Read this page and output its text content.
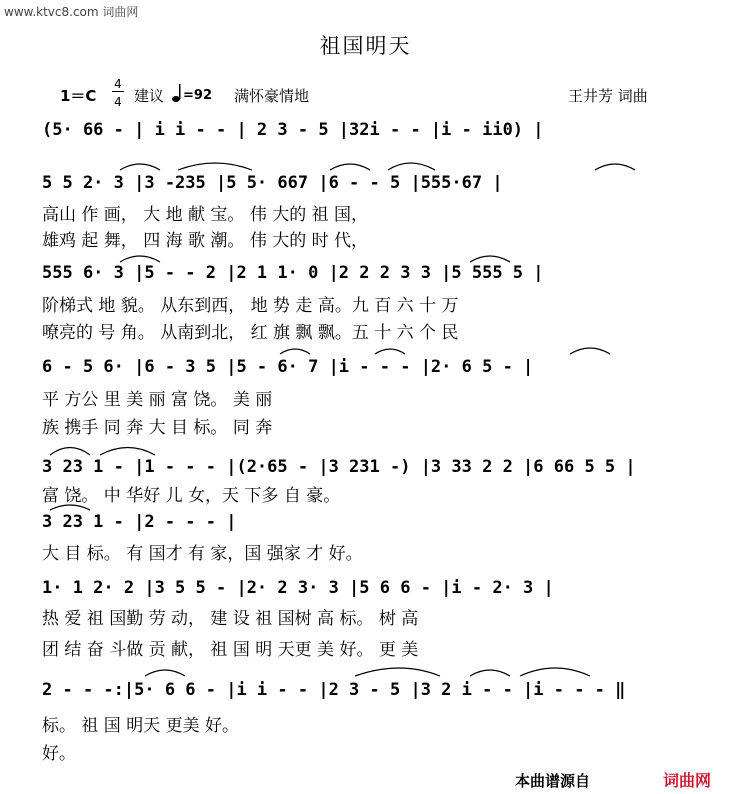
www.ktvc8.com 词曲网
祖国明天
1＝C
4
4 建议 =92 满怀豪情地	王井芳 词曲
(5· 66 - | i i - - | 2 3 - 5 |32i - - |i - ii0) |
5 5 2· 3 |3 -235 |5 5· 667 |6 - - 5 |555·67 |
高山 作 画， 大 地 献 宝。 伟 大的 祖 国，
雄鸡 起 舞， 四 海 歌 潮。 伟 大的 时 代，
555 6· 3 |5 - - 2 |2 1 1· 0 |2 2 2 3 3 |5 555 5 |
阶梯式 地 貌。 从东到西， 地 势 走 高。九 百 六 十 万
嘹亮的 号 角。 从南到北， 红 旗 飘 飘。五 十 六 个 民
6 - 5 6· |6 - 3 5 |5 - 6· 7 |i - - - |2· 6 5 - |
平 方公 里 美 丽 富 饶。 美 丽
族 携手 同 奔 大 目 标。 同 奔
3 23 1 - |1 - - - |(2·65 - |3 231 -) |3 33 2 2 |6 66 5 5 |
富 饶。 中 华好 儿 女，天 下多 自 豪。
3 23 1 - |2 - - - |
大 目 标。 有 国才 有 家，国 强家 才 好。
1· 1 2· 2 |3 5 5 - |2· 2 3· 3 |5 6 6 - |i - 2· 3 |
热 爱 祖 国勤 劳 动， 建 设 祖 国树 高 标。 树 高
团 结 奋 斗做 贡 献， 祖 国 明 天更 美 好。 更 美
2 - - -:|5· 6 6 - |i i - - |2 3 - 5 |3 2 i - - |i - - - ‖
标。 祖 国 明天 更美 好。
好。
本曲谱源自	词曲网
